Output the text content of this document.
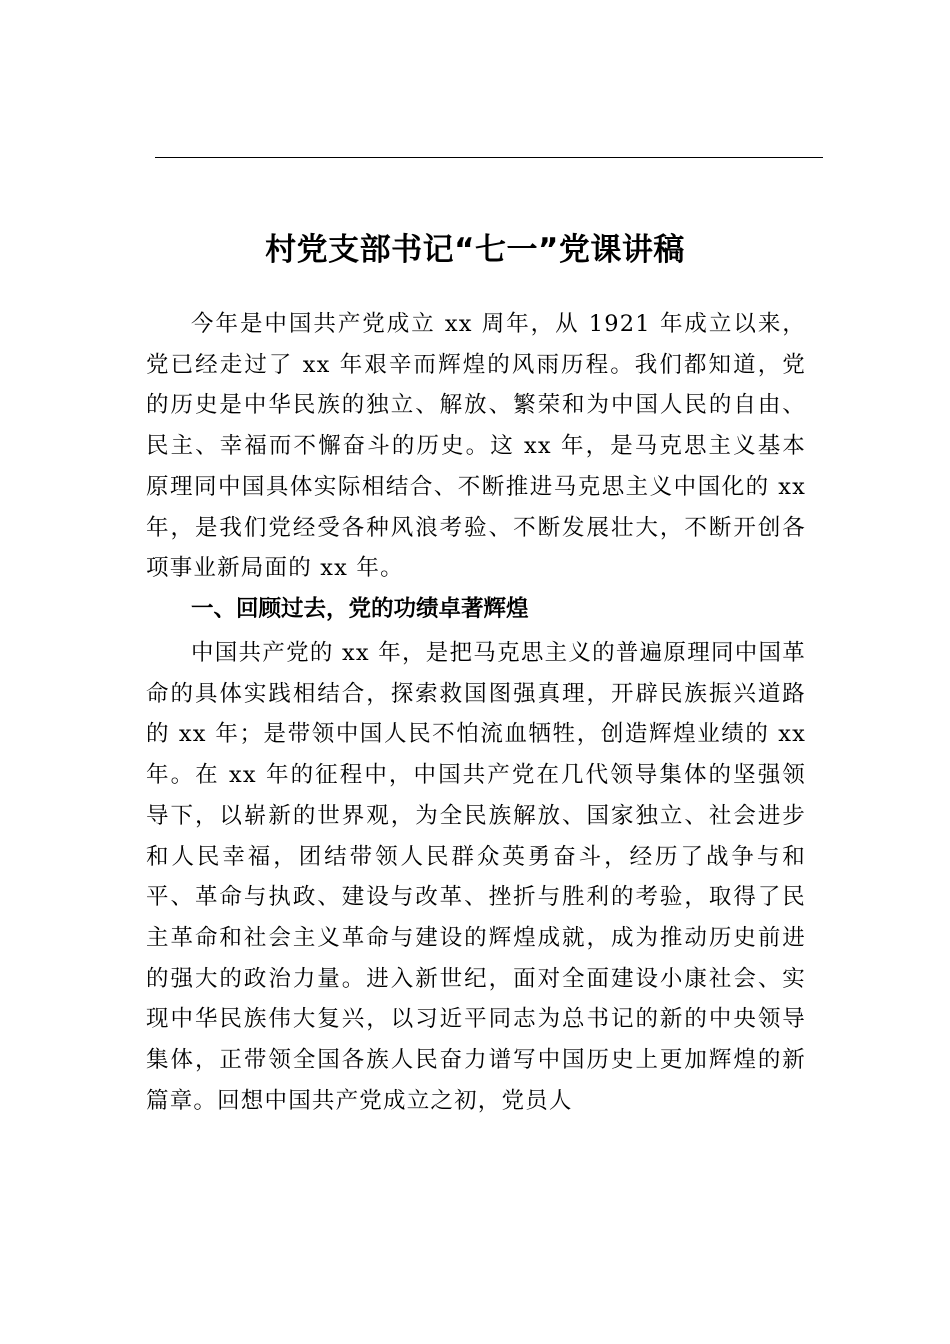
村党支部书记“七一”党课讲稿

今年是中国共产党成立 xx 周年，从 1921 年成立以来，党已经走过了 xx 年艰辛而辉煌的风雨历程。我们都知道，党的历史是中华民族的独立、解放、繁荣和为中国人民的自由、民主、幸福而不懈奋斗的历史。这 xx 年，是马克思主义基本原理同中国具体实际相结合、不断推进马克思主义中国化的 xx 年，是我们党经受各种风浪考验、不断发展壮大，不断开创各项事业新局面的 xx 年。

一、回顾过去，党的功绩卓著辉煌

中国共产党的 xx 年，是把马克思主义的普遍原理同中国革命的具体实践相结合，探索救国图强真理，开辟民族振兴道路的 xx 年；是带领中国人民不怕流血牺牲，创造辉煌业绩的 xx 年。在 xx 年的征程中，中国共产党在几代领导集体的坚强领导下，以崭新的世界观，为全民族解放、国家独立、社会进步和人民幸福，团结带领人民群众英勇奋斗，经历了战争与和平、革命与执政、建设与改革、挫折与胜利的考验，取得了民主革命和社会主义革命与建设的辉煌成就，成为推动历史前进的强大的政治力量。进入新世纪，面对全面建设小康社会、实现中华民族伟大复兴，以习近平同志为总书记的新的中央领导集体，正带领全国各族人民奋力谱写中国历史上更加辉煌的新篇章。回想中国共产党成立之初，党员人
